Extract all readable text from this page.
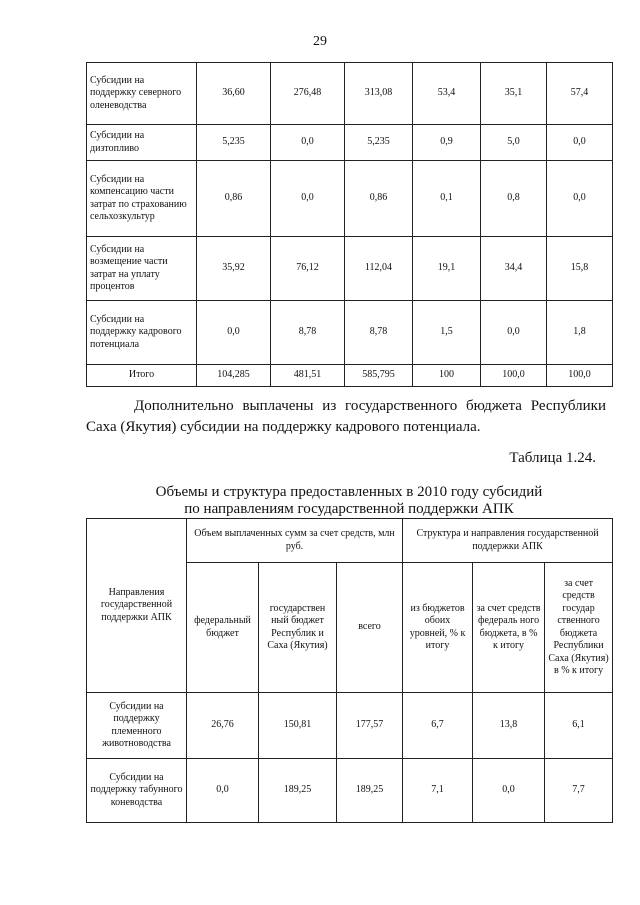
29
Субсидии на поддержку северного оленеводства	36,60	276,48	313,08	53,4	35,1	57,4
Субсидии на дизтопливо	5,235	0,0	5,235	0,9	5,0	0,0
Субсидии на компенсацию части затрат по страхованию сельхозкультур	0,86	0,0	0,86	0,1	0,8	0,0
Субсидии на возмещение части затрат на уплату процентов	35,92	76,12	112,04	19,1	34,4	15,8
Субсидии на поддержку кадрового потенциала	0,0	8,78	8,78	1,5	0,0	1,8
Итого	104,285	481,51	585,795	100	100,0	100,0
Дополнительно выплачены из государственного бюджета Республики Саха (Якутия) субсидии на поддержку кадрового потенциала.
Таблица 1.24.
Объемы и структура предоставленных в 2010 году субсидий
по направлениям государственной поддержки АПК
Направления государственной поддержки АПК	Объем выплаченных сумм за счет средств, млн руб.			Структура и направления государственной поддержки АПК		
	федеральный бюджет	государствен ный бюджет Республик и Саха (Якутия)	всего	из бюджетов обоих уровней, % к итогу	за счет средств федераль ного бюджета, в % к итогу	за счет средств государ ственного бюджета Республики Саха (Якутия) в % к итогу
Субсидии на поддержку племенного животноводства	26,76	150,81	177,57	6,7	13,8	6,1
Субсидии на поддержку табунного коневодства	0,0	189,25	189,25	7,1	0,0	7,7
